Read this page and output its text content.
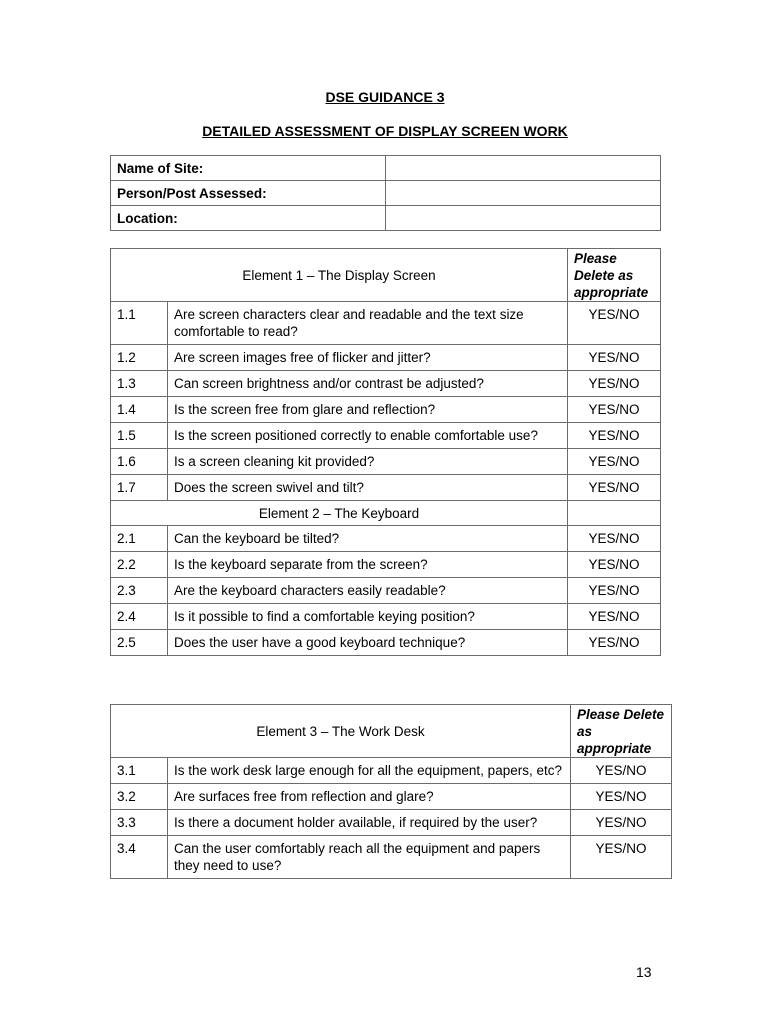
DSE GUIDANCE 3
DETAILED ASSESSMENT OF DISPLAY SCREEN WORK
Name of Site:	
Person/Post Assessed:	
Location:	
Element 1 – The Display Screen		Please Delete as appropriate
1.1	Are screen characters clear and readable and the text size comfortable to read?	YES/NO
1.2	Are screen images free of flicker and jitter?	YES/NO
1.3	Can screen brightness and/or contrast be adjusted?	YES/NO
1.4	Is the screen free from glare and reflection?	YES/NO
1.5	Is the screen positioned correctly to enable comfortable use?	YES/NO
1.6	Is a screen cleaning kit provided?	YES/NO
1.7	Does the screen swivel and tilt?	YES/NO
Element 2 – The Keyboard		
2.1	Can the keyboard be tilted?	YES/NO
2.2	Is the keyboard separate from the screen?	YES/NO
2.3	Are the keyboard characters easily readable?	YES/NO
2.4	Is it possible to find a comfortable keying position?	YES/NO
2.5	Does the user have a good keyboard technique?	YES/NO
Element 3 – The Work Desk		Please Delete as appropriate
3.1	Is the work desk large enough for all the equipment, papers, etc?	YES/NO
3.2	Are surfaces free from reflection and glare?	YES/NO
3.3	Is there a document holder available, if required by the user?	YES/NO
3.4	Can the user comfortably reach all the equipment and papers they need to use?	YES/NO
13
